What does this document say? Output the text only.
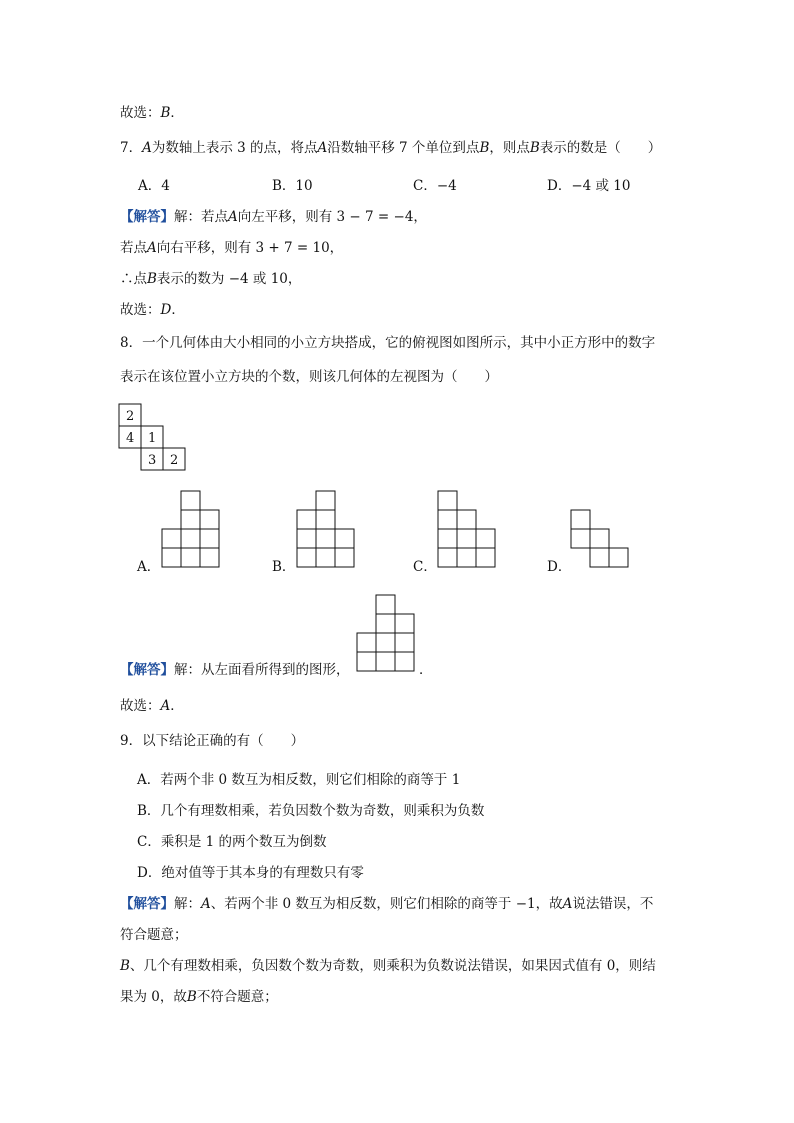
故选：B．
7．A为数轴上表示 3 的点，将点A沿数轴平移 7 个单位到点B，则点B表示的数是（　　）
A．4	B．10	C．−4	D．−4 或 10
【解答】解：若点A向左平移，则有 3 − 7 = −4，
若点A向右平移，则有 3 + 7 = 10，
∴点B表示的数为 −4 或 10，
故选：D．
8．一个几何体由大小相同的小立方块搭成，它的俯视图如图所示，其中小正方形中的数字
表示在该位置小立方块的个数，则该几何体的左视图为（　　）
2
4 1
3 2
A．	B．	C．	D．
【解答】解：从左面看所得到的图形，	．
故选：A．
9．以下结论正确的有（　　）
A．若两个非 0 数互为相反数，则它们相除的商等于 1
B．几个有理数相乘，若负因数个数为奇数，则乘积为负数
C．乘积是 1 的两个数互为倒数
D．绝对值等于其本身的有理数只有零
【解答】解：A、若两个非 0 数互为相反数，则它们相除的商等于 −1，故A说法错误，不
符合题意；
B、几个有理数相乘，负因数个数为奇数，则乘积为负数说法错误，如果因式值有 0，则结
果为 0，故B不符合题意；
